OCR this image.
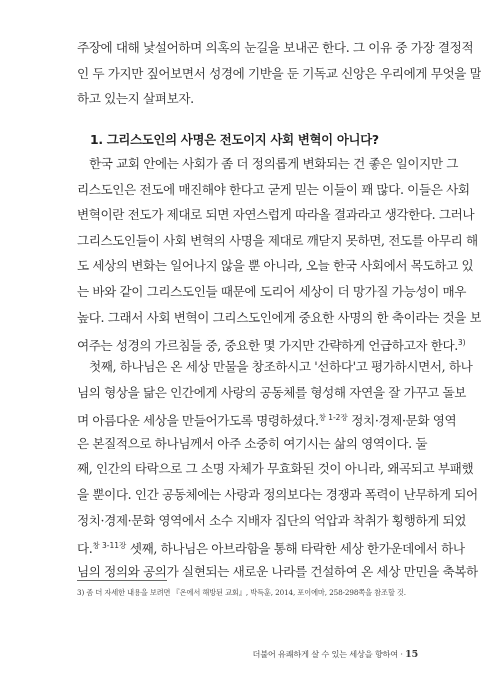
주장에 대해 낯설어하며 의혹의 눈길을 보내곤 한다. 그 이유 중 가장 결정적
인 두 가지만 짚어보면서 성경에 기반을 둔 기독교 신앙은 우리에게 무엇을 말
하고 있는지 살펴보자.
1. 그리스도인의 사명은 전도이지 사회 변혁이 아니다?
한국 교회 안에는 사회가 좀 더 정의롭게 변화되는 건 좋은 일이지만 그
리스도인은 전도에 매진해야 한다고 굳게 믿는 이들이 꽤 많다. 이들은 사회
변혁이란 전도가 제대로 되면 자연스럽게 따라올 결과라고 생각한다. 그러나
그리스도인들이 사회 변혁의 사명을 제대로 깨닫지 못하면, 전도를 아무리 해
도 세상의 변화는 일어나지 않을 뿐 아니라, 오늘 한국 사회에서 목도하고 있
는 바와 같이 그리스도인들 때문에 도리어 세상이 더 망가질 가능성이 매우
높다. 그래서 사회 변혁이 그리스도인에게 중요한 사명의 한 축이라는 것을 보
여주는 성경의 가르침들 중, 중요한 몇 가지만 간략하게 언급하고자 한다.$^{3)}$
첫째, 하나님은 온 세상 만물을 창조하시고 '선하다'고 평가하시면서, 하나
님의 형상을 닮은 인간에게 사랑의 공동체를 형성해 자연을 잘 가꾸고 돌보
며 아름다운 세상을 만들어가도록 명령하셨다.$^{창 1-2장}$ 정치·경제·문화 영역
은 본질적으로 하나님께서 아주 소중히 여기시는 삶의 영역이다. 둘
째, 인간의 타락으로 그 소명 자체가 무효화된 것이 아니라, 왜곡되고 부패했
을 뿐이다. 인간 공동체에는 사랑과 정의보다는 경쟁과 폭력이 난무하게 되어
정치·경제·문화 영역에서 소수 지배자 집단의 억압과 착취가 횡행하게 되었
다.$^{창 3-11장}$ 셋째, 하나님은 아브라함을 통해 타락한 세상 한가운데에서 하나
님의 정의와 공의가 실현되는 새로운 나라를 건설하여 온 세상 만민을 축복하
3) 좀 더 자세한 내용을 보려면 『온에서 해방된 교회』, 박득훈, 2014, 포이에마, 258-298쪽을 참조할 것.
더불어 유쾌하게 살 수 있는 세상을 향하여 · 15
